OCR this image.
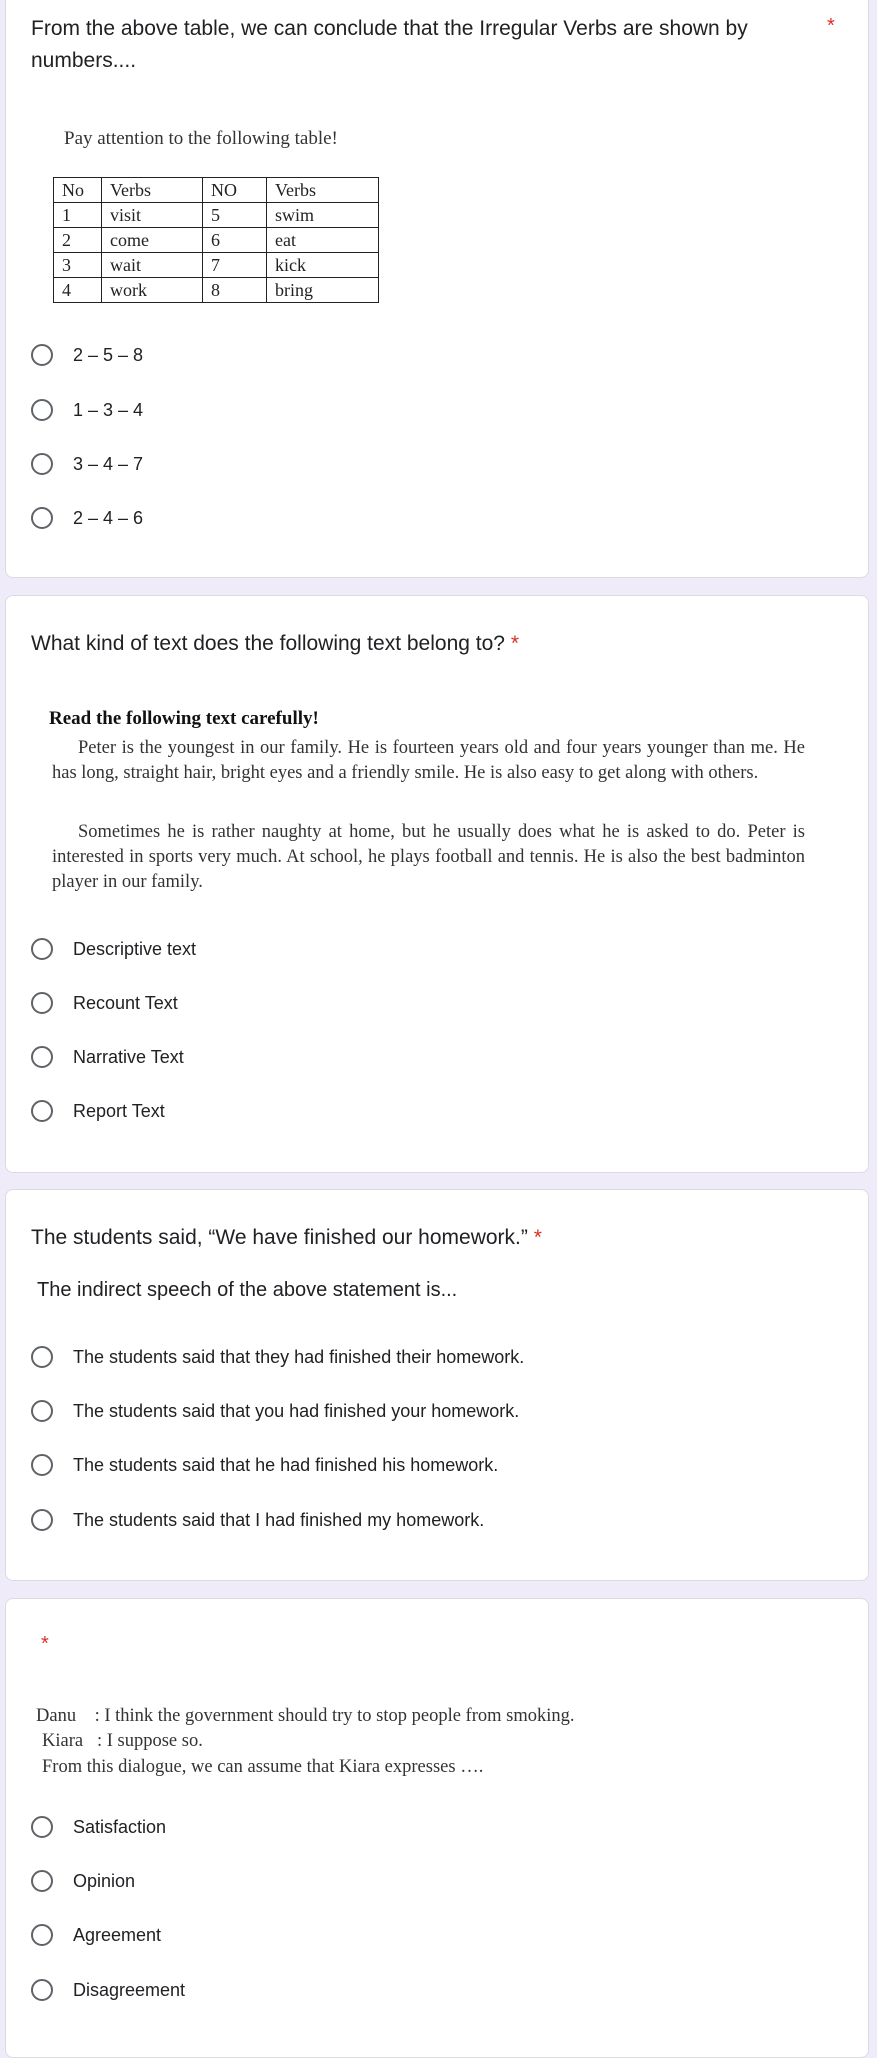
From the above table, we can conclude that the Irregular Verbs are shown by numbers....
*
Pay attention to the following table!
No	Verbs	NO	Verbs
1	visit	5	swim
2	come	6	eat
3	wait	7	kick
4	work	8	bring
2 – 5 – 8
1 – 3 – 4
3 – 4 – 7
2 – 4 – 6
What kind of text does the following text belong to? *
Read the following text carefully!
Peter is the youngest in our family. He is fourteen years old and four years younger than me. He has long, straight hair, bright eyes and a friendly smile. He is also easy to get along with others.
Sometimes he is rather naughty at home, but he usually does what he is asked to do. Peter is interested in sports very much. At school, he plays football and tennis. He is also the best badminton player in our family.
Descriptive text
Recount Text
Narrative Text
Report Text
The students said, “We have finished our homework.” *
The indirect speech of the above statement is...
The students said that they had finished their homework.
The students said that you had finished your homework.
The students said that he had finished his homework.
The students said that I had finished my homework.
*
Danu    : I think the government should try to stop people from smoking.
Kiara   : I suppose so.
From this dialogue, we can assume that Kiara expresses ….
Satisfaction
Opinion
Agreement
Disagreement
